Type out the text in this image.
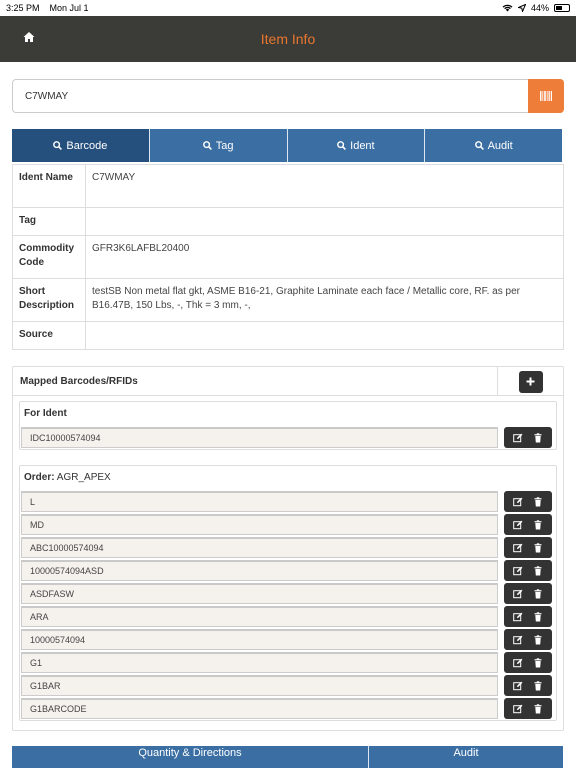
3:25 PM Mon Jul 1	44%
Item Info
C7WMAY
Barcode	Tag	Ident	Audit
Ident Name	C7WMAY
Tag	
Commodity Code	GFR3K6LAFBL20400
Short Description	testSB Non metal flat gkt, ASME B16-21, Graphite Laminate each face / Metallic core, RF. as per B16.47B, 150 Lbs, -, Thk = 3 mm, -,
Source	
Mapped Barcodes/RFIDs
For Ident
IDC10000574094
Order: AGR_APEX
L
MD
ABC10000574094
10000574094ASD
ASDFASW
ARA
10000574094
G1
G1BAR
G1BARCODE
Quantity & Directions	Audit
